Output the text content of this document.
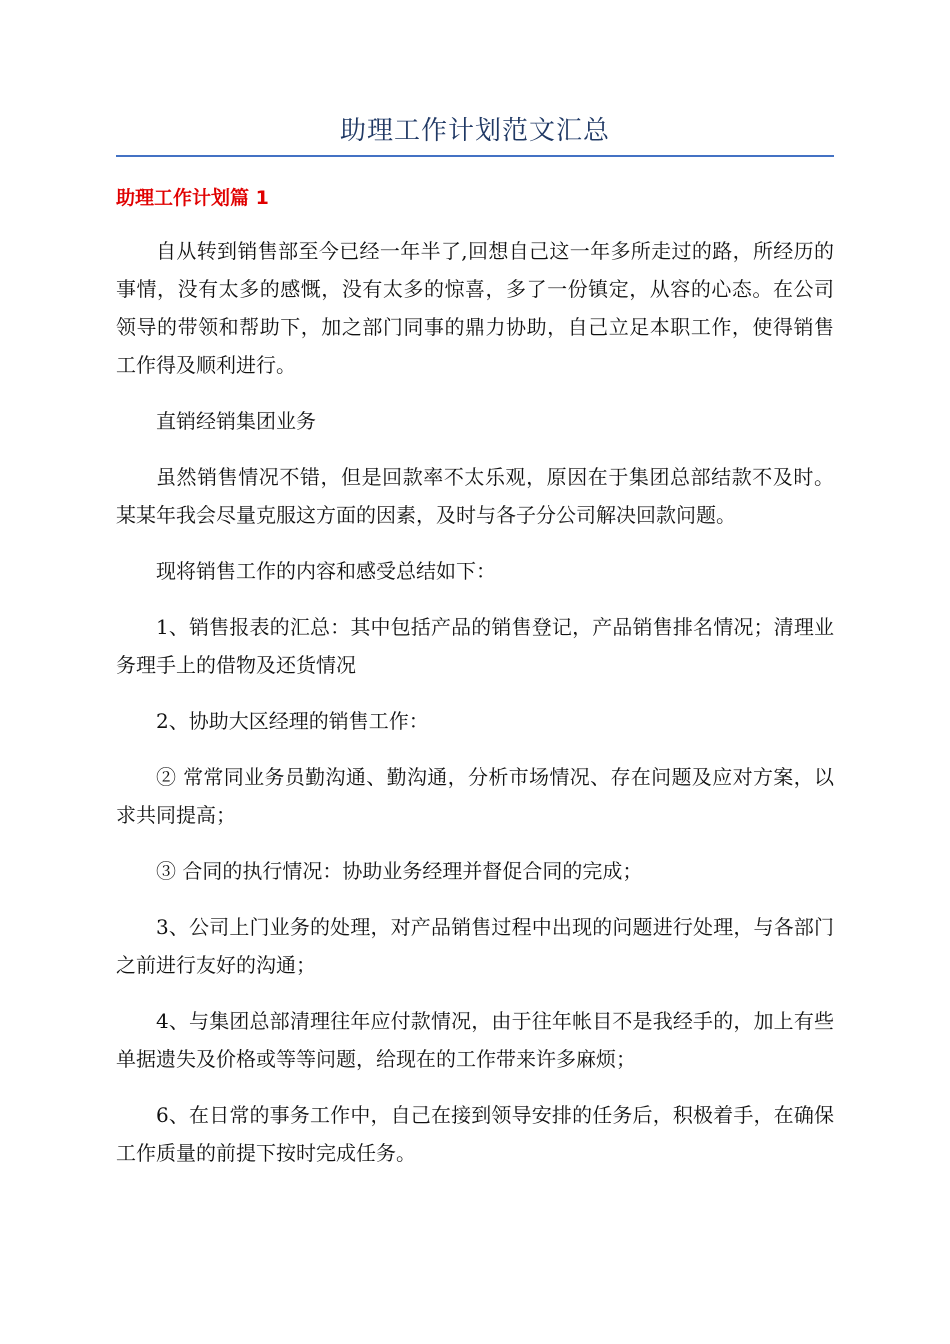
助理工作计划范文汇总
助理工作计划篇 1

自从转到销售部至今已经一年半了,回想自己这一年多所走过的路，所经历的事情，没有太多的感慨，没有太多的惊喜，多了一份镇定，从容的心态。在公司领导的带领和帮助下，加之部门同事的鼎力协助，自己立足本职工作，使得销售工作得及顺利进行。

直销经销集团业务

虽然销售情况不错，但是回款率不太乐观，原因在于集团总部结款不及时。某某年我会尽量克服这方面的因素，及时与各子分公司解决回款问题。

现将销售工作的内容和感受总结如下：

1、销售报表的汇总：其中包括产品的销售登记，产品销售排名情况；清理业务理手上的借物及还货情况

2、协助大区经理的销售工作：

② 常常同业务员勤沟通、勤沟通，分析市场情况、存在问题及应对方案，以求共同提高；

③ 合同的执行情况：协助业务经理并督促合同的完成；

3、公司上门业务的处理，对产品销售过程中出现的问题进行处理，与各部门之前进行友好的沟通；

4、与集团总部清理往年应付款情况，由于往年帐目不是我经手的，加上有些单据遗失及价格或等等问题，给现在的工作带来许多麻烦；

6、在日常的事务工作中，自己在接到领导安排的任务后，积极着手，在确保工作质量的前提下按时完成任务。
